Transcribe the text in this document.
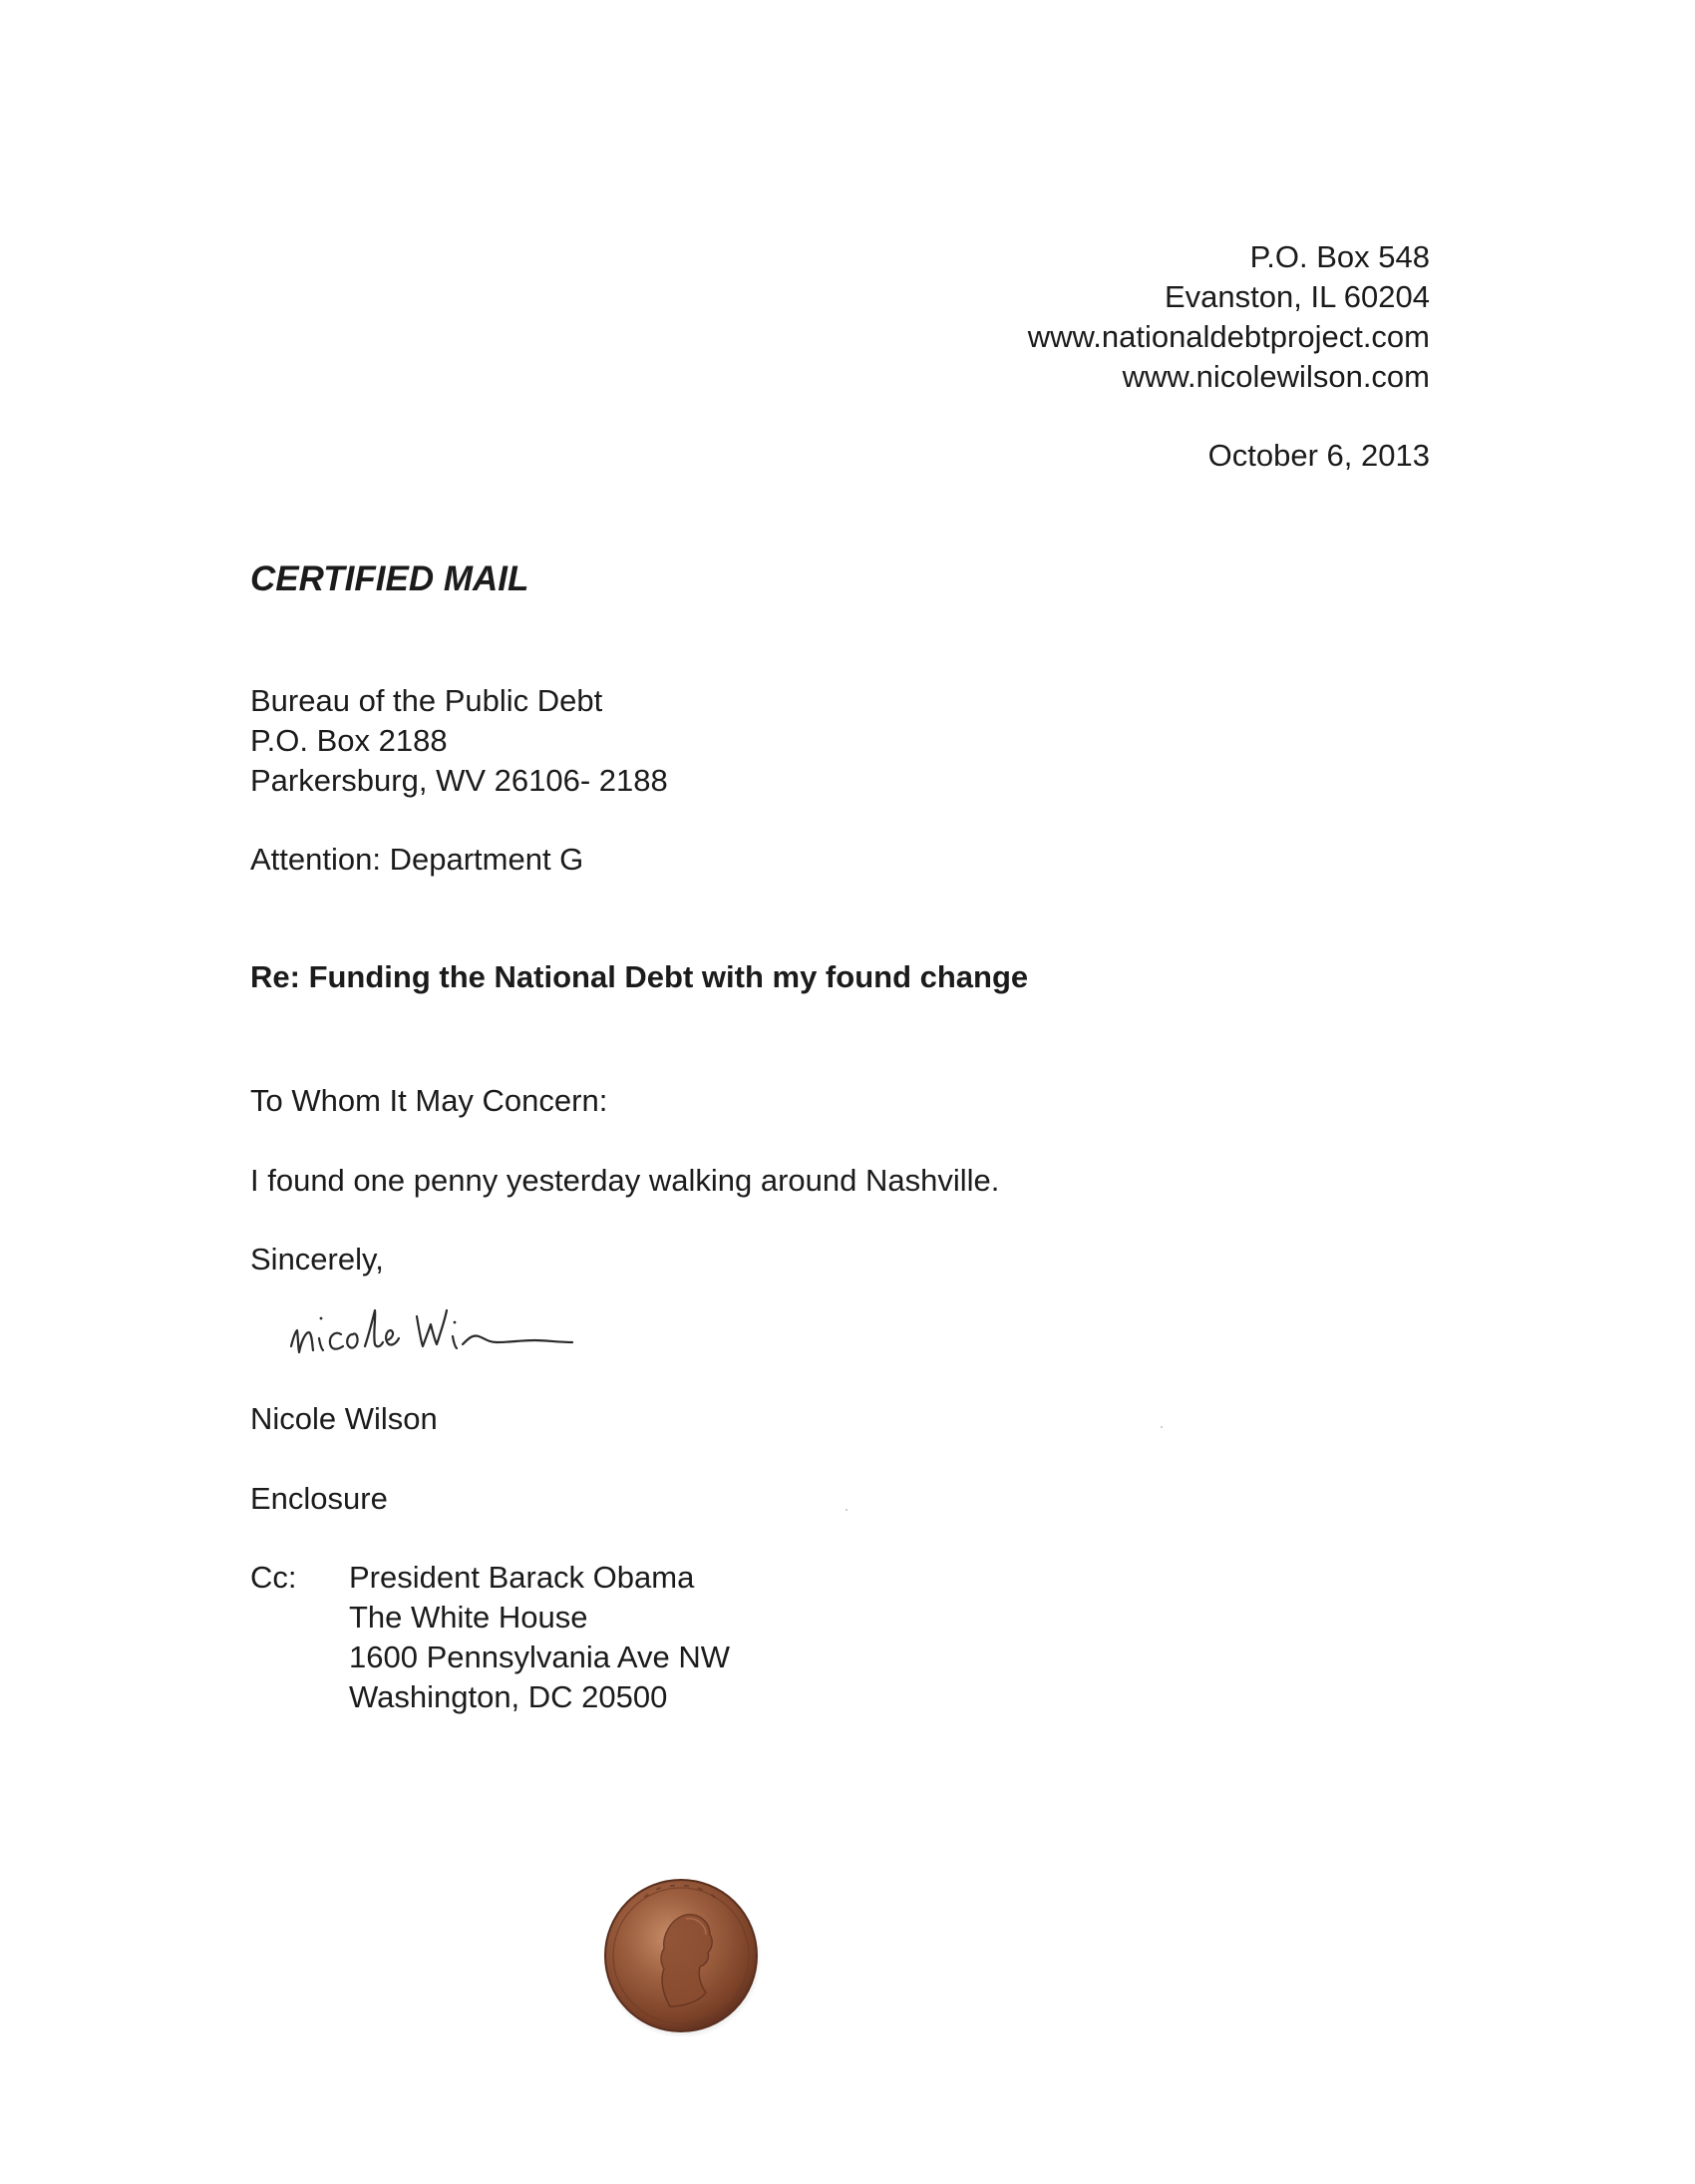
P.O. Box 548
Evanston, IL 60204
www.nationaldebtproject.com
www.nicolewilson.com
October 6, 2013
CERTIFIED MAIL
Bureau of the Public Debt
P.O. Box 2188
Parkersburg, WV 26106- 2188
Attention: Department G
Re: Funding the National Debt with my found change
To Whom It May Concern:
I found one penny yesterday walking around Nashville.
Sincerely,
Nicole Wilson
Enclosure
Cc: President Barack Obama
The White House
1600 Pennsylvania Ave NW
Washington, DC 20500
